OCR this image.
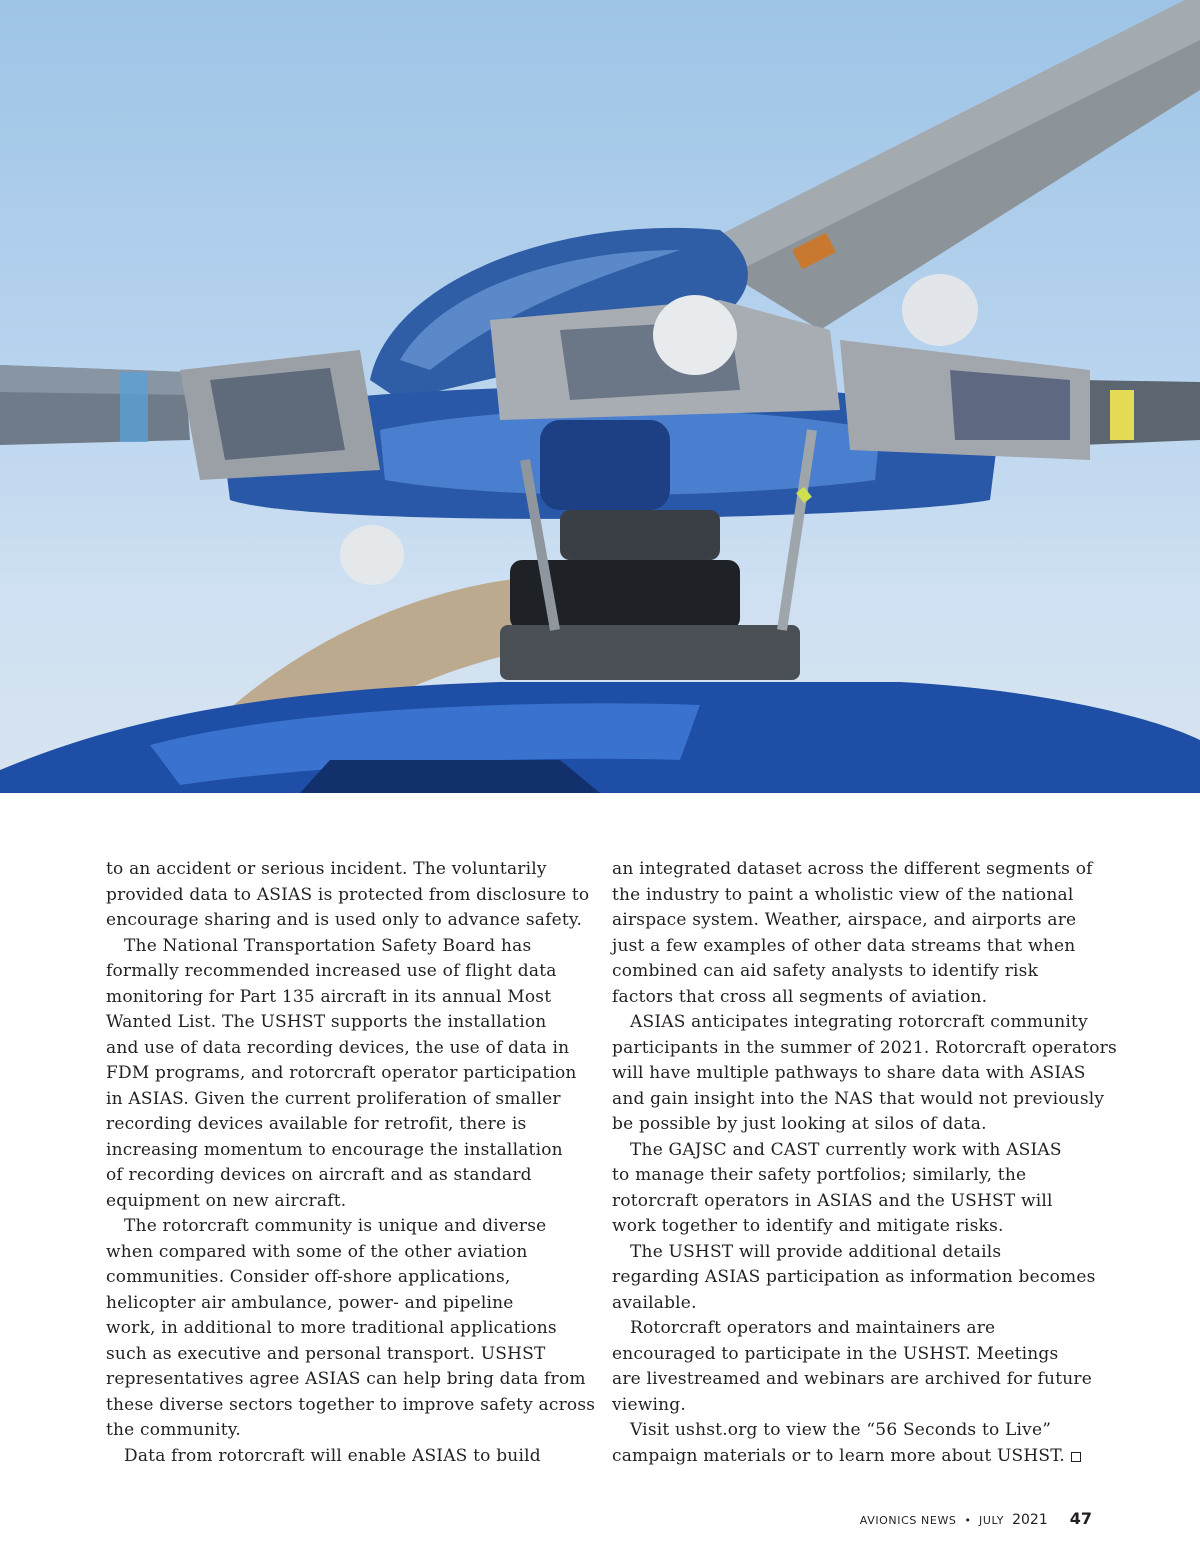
to an accident or serious incident. The voluntarily

provided data to ASIAS is protected from disclosure to

encourage sharing and is used only to advance safety.

The National Transportation Safety Board has

formally recommended increased use of flight data

monitoring for Part 135 aircraft in its annual Most

Wanted List. The USHST supports the installation

and use of data recording devices, the use of data in

FDM programs, and rotorcraft operator participation

in ASIAS. Given the current proliferation of smaller

recording devices available for retrofit, there is

increasing momentum to encourage the installation

of recording devices on aircraft and as standard

equipment on new aircraft.

The rotorcraft community is unique and diverse

when compared with some of the other aviation

communities. Consider off-shore applications,

helicopter air ambulance, power- and pipeline

work, in additional to more traditional applications

such as executive and personal transport. USHST

representatives agree ASIAS can help bring data from

these diverse sectors together to improve safety across

the community.

Data from rotorcraft will enable ASIAS to build

an integrated dataset across the different segments of

the industry to paint a wholistic view of the national

airspace system. Weather, airspace, and airports are

just a few examples of other data streams that when

combined can aid safety analysts to identify risk

factors that cross all segments of aviation.

ASIAS anticipates integrating rotorcraft community

participants in the summer of 2021. Rotorcraft operators

will have multiple pathways to share data with ASIAS

and gain insight into the NAS that would not previously

be possible by just looking at silos of data.

The GAJSC and CAST currently work with ASIAS

to manage their safety portfolios; similarly, the

rotorcraft operators in ASIAS and the USHST will

work together to identify and mitigate risks.

The USHST will provide additional details

regarding ASIAS participation as information becomes

available.

Rotorcraft operators and maintainers are

encouraged to participate in the USHST. Meetings

are livestreamed and webinars are archived for future

viewing.

Visit ushst.org to view the “56 Seconds to Live”

campaign materials or to learn more about USHST.

AVIONICS NEWS • JULY 2021 47
